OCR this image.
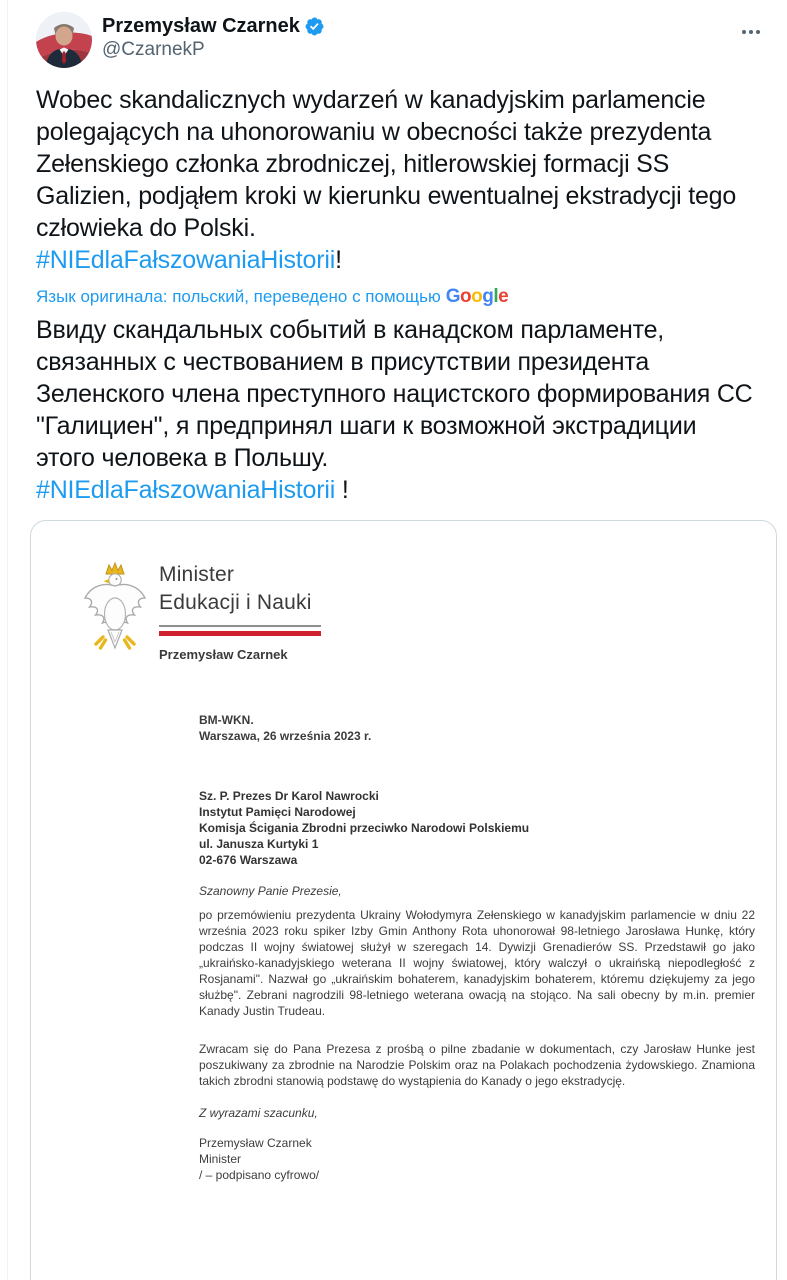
Przemysław Czarnek
@CzarnekP
Wobec skandalicznych wydarzeń w kanadyjskim parlamencie polegających na uhonorowaniu w obecności także prezydenta Zełenskiego członka zbrodniczej, hitlerowskiej formacji SS Galizien, podjąłem kroki w kierunku ewentualnej ekstradycji tego człowieka do Polski.
#NIEdlaFałszowaniaHistorii!
Язык оригинала: польский, переведено с помощью G o o g l e
Ввиду скандальных событий в канадском парламенте, связанных с чествованием в присутствии президента Зеленского члена преступного нацистского формирования СС "Галициен", я предпринял шаги к возможной экстрадиции этого человека в Польшу.
#NIEdlaFałszowaniaHistorii !
Minister
Edukacji i Nauki
Przemysław Czarnek
BM-WKN.
Warszawa, 26 września 2023 r.
Sz. P. Prezes Dr Karol Nawrocki
Instytut Pamięci Narodowej
Komisja Ścigania Zbrodni przeciwko Narodowi Polskiemu
ul. Janusza Kurtyki 1
02-676 Warszawa
Szanowny Panie Prezesie,

po przemówieniu prezydenta Ukrainy Wołodymyra Zełenskiego w kanadyjskim parlamencie w dniu 22 września 2023 roku spiker Izby Gmin Anthony Rota uhonorował 98-letniego Jarosława Hunkę, który podczas II wojny światowej służył w szeregach 14. Dywizji Grenadierów SS. Przedstawił go jako „ukraińsko-kanadyjskiego weterana II wojny światowej, który walczył o ukraińską niepodległość z Rosjanami". Nazwał go „ukraińskim bohaterem, kanadyjskim bohaterem, któremu dziękujemy za jego służbę". Zebrani nagrodzili 98-letniego weterana owacją na stojąco. Na sali obecny by m.in. premier Kanady Justin Trudeau.

Zwracam się do Pana Prezesa z prośbą o pilne zbadanie w dokumentach, czy Jarosław Hunke jest poszukiwany za zbrodnie na Narodzie Polskim oraz na Polakach pochodzenia żydowskiego. Znamiona takich zbrodni stanowią podstawę do wystąpienia do Kanady o jego ekstradycję.

Z wyrazami szacunku,
Przemysław Czarnek
Minister
/ – podpisano cyfrowo/
